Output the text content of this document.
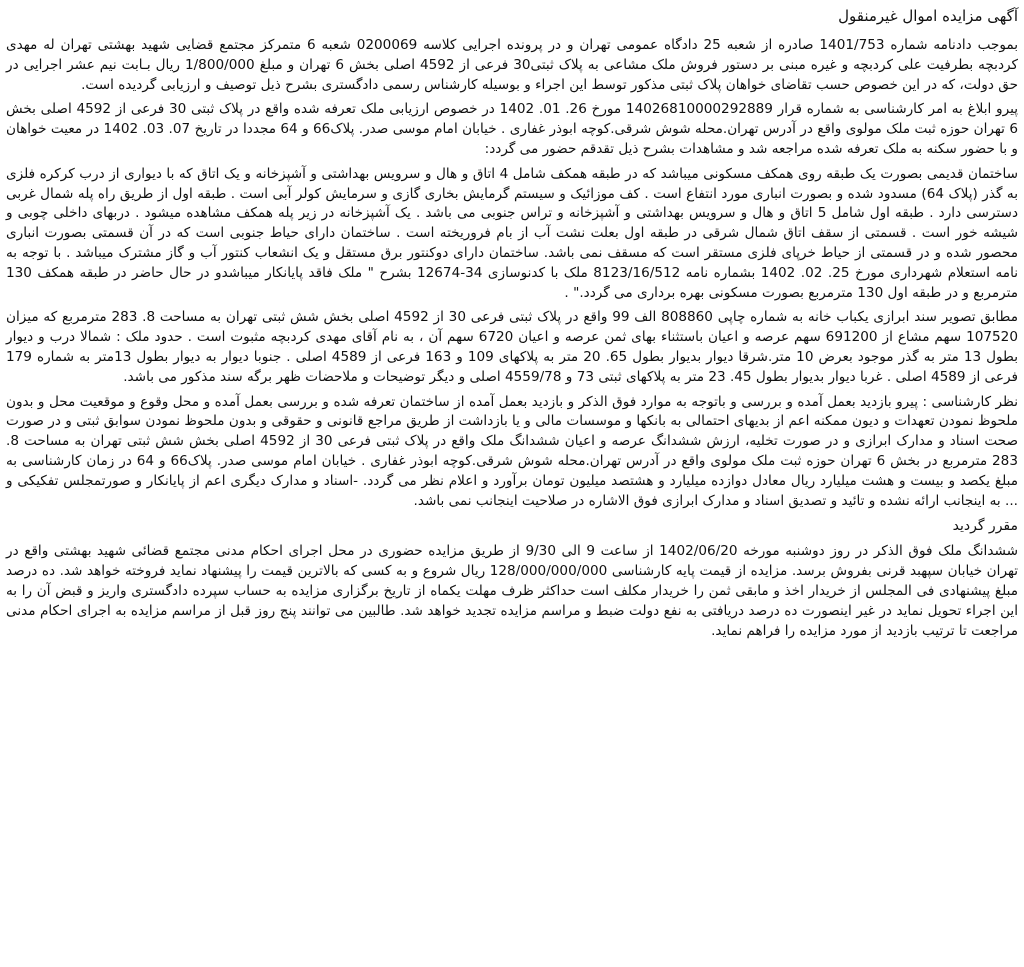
آگهی مزایده اموال غیرمنقول

بموجب دادنامه شماره 1401/753 صادره از شعبه 25 دادگاه عمومی تهران و در پرونده اجرایی کلاسه 0200069 شعبه 6 متمرکز مجتمع قضایی شهید بهشتی تهران له مهدی کردبچه بطرفیت علی کردبچه و غیره مبنی بر دستور فروش ملک مشاعی به پلاک ثبتی30 فرعی از 4592 اصلی بخش 6 تهران و مبلغ 1/800/000 ریال بـابت نیم عشر اجرایی در حق دولت، که در این خصوص حسب تقاضای خواهان پلاک ثبتی مذکور توسط این اجراء و بوسیله کارشناس رسمی دادگستری بشرح ذیل توصیف و ارزیابی گردیده است.

پیرو ابلاغ به امر کارشناسی به شماره قرار 14026810000292889 مورخ 26. 01. 1402 در خصوص ارزیابی ملک تعرفه شده واقع در پلاک ثبتی 30 فرعی از 4592 اصلی بخش 6 تهران حوزه ثبت ملک مولوی واقع در آدرس تهران.محله شوش شرقی.کوچه ابوذر غفاری . خیابان امام موسی صدر. پلاک66 و 64 مجددا در تاریخ 07. 03. 1402 در معیت خواهان و با حضور سکنه به ملک تعرفه شده مراجعه شد و مشاهدات بشرح ذیل تقدقم حضور می گردد:

ساختمان قدیمی بصورت یک طبقه روی همکف مسکونی میباشد که در طبقه همکف شامل 4 اتاق و هال و سرویس بهداشتی و آشپزخانه و یک اتاق که با دیواری از درب کرکره فلزی به گذر (پلاک 64) مسدود شده و بصورت انباری مورد انتفاع است . کف موزائیک و سیستم گرمایش بخاری گازی و سرمایش کولر آبی است . طبقه اول از طریق راه پله شمال غربی دسترسی دارد . طبقه اول شامل 5 اتاق و هال و سرویس بهداشتی و آشپزخانه و تراس جنوبی می باشد . یک آشپزخانه در زیر پله همکف مشاهده میشود . دربهای داخلی چوبی و شیشه خور است . قسمتی از سقف اتاق شمال شرقی در طبقه اول بعلت نشت آب از بام فروریخته است . ساختمان دارای حیاط جنوبی است که در آن قسمتی بصورت انباری محصور شده و در قسمتی از حیاط خرپای فلزی مستقر است که مسقف نمی باشد. ساختمان دارای دوکنتور برق مستقل و یک انشعاب کنتور آب و گاز مشترک میباشد . با توجه به نامه استعلام شهرداری مورخ 25. 02. 1402 بشماره نامه 8123/16/512 ملک با کدنوسازی 34-12674 بشرح " ملک فاقد پایانکار میباشدو در حال حاضر در طبقه همکف 130 مترمربع و در طبقه اول 130 مترمربع بصورت مسکونی بهره برداری می گردد." .

مطابق تصویر سند ابرازی یکباب خانه به شماره چاپی 808860 الف 99 واقع در پلاک ثبتی فرعی 30 از 4592 اصلی بخش شش ثبتی تهران به مساحت 8. 283 مترمربع که میزان 107520 سهم مشاع از 691200 سهم عرصه و اعیان باستثناء بهای ثمن عرصه و اعیان 6720 سهم آن ، به نام آقای مهدی کردبچه مثبوت است . حدود ملک : شمالا درب و دیوار بطول 13 متر به گذر موجود بعرض 10 متر.شرقا دیوار بدیوار بطول 65. 20 متر به پلاکهای 109 و 163 فرعی از 4589 اصلی . جنوبا دیوار به دیوار بطول 13متر به شماره 179 فرعی از 4589 اصلی . غربا دیوار بدیوار بطول 45. 23 متر به پلاکهای ثبتی 73 و 4559/78 اصلی و دیگر توضیحات و ملاحضات ظهر برگه سند مذکور می باشد.

نظر کارشناسی : پیرو بازدید بعمل آمده و بررسی و باتوجه به موارد فوق الذکر و بازدید بعمل آمده از ساختمان تعرفه شده و بررسی بعمل آمده و محل وقوع و موقعیت محل و بدون ملحوظ نمودن تعهدات و دیون ممکنه اعم از بدیهای احتمالی به بانکها و موسسات مالی و یا بازداشت از طریق مراجع قانونی و حقوقی و بدون ملحوظ نمودن سوابق ثبتی و در صورت صحت اسناد و مدارک ابرازی و در صورت تخلیه، ارزش ششدانگ عرصه و اعیان ششدانگ ملک واقع در پلاک ثبتی فرعی 30 از 4592 اصلی بخش شش ثبتی تهران به مساحت 8. 283 مترمربع در بخش 6 تهران حوزه ثبت ملک مولوی واقع در آدرس تهران.محله شوش شرقی.کوچه ابوذر غفاری . خیابان امام موسی صدر. پلاک66 و 64 در زمان کارشناسی به مبلغ یکصد و بیست و هشت میلیارد ریال معادل دوازده میلیارد و هشتصد میلیون تومان برآورد و اعلام نظر می گردد. -اسناد و مدارک دیگری اعم از پایانکار و صورتمجلس تفکیکی و ... به اینجانب ارائه نشده و تائید و تصدیق اسناد و مدارک ابرازی فوق الاشاره در صلاحیت اینجانب نمی باشد.

مقرر گردید

ششدانگ ملک فوق الذکر در روز دوشنبه مورخه 1402/06/20 از ساعت 9 الی 9/30 از طریق مزایده حضوری در محل اجرای احکام مدنی مجتمع قضائی شهید بهشتی واقع در تهران خیابان سپهبد قرنی بفروش برسد. مزایده از قیمت پایه کارشناسی 128/000/000/000 ریال شروع و به کسی که بالاترین قیمت را پیشنهاد نماید فروخته خواهد شد. ده درصد مبلغ پیشنهادی فی المجلس از خریدار اخذ و مابقی ثمن را خریدار مکلف است حداکثر ظرف مهلت یکماه از تاریخ برگزاری مزایده به حساب سپرده دادگستری واریز و قبض آن را به این اجراء تحویل نماید در غیر اینصورت ده درصد دریافتی به نفع دولت ضبط و مراسم مزایده تجدید خواهد شد. طالبین می توانند پنج روز قبل از مراسم مزایده به اجرای احکام مدنی مراجعت تا ترتیب بازدید از مورد مزایده را فراهم نماید.
